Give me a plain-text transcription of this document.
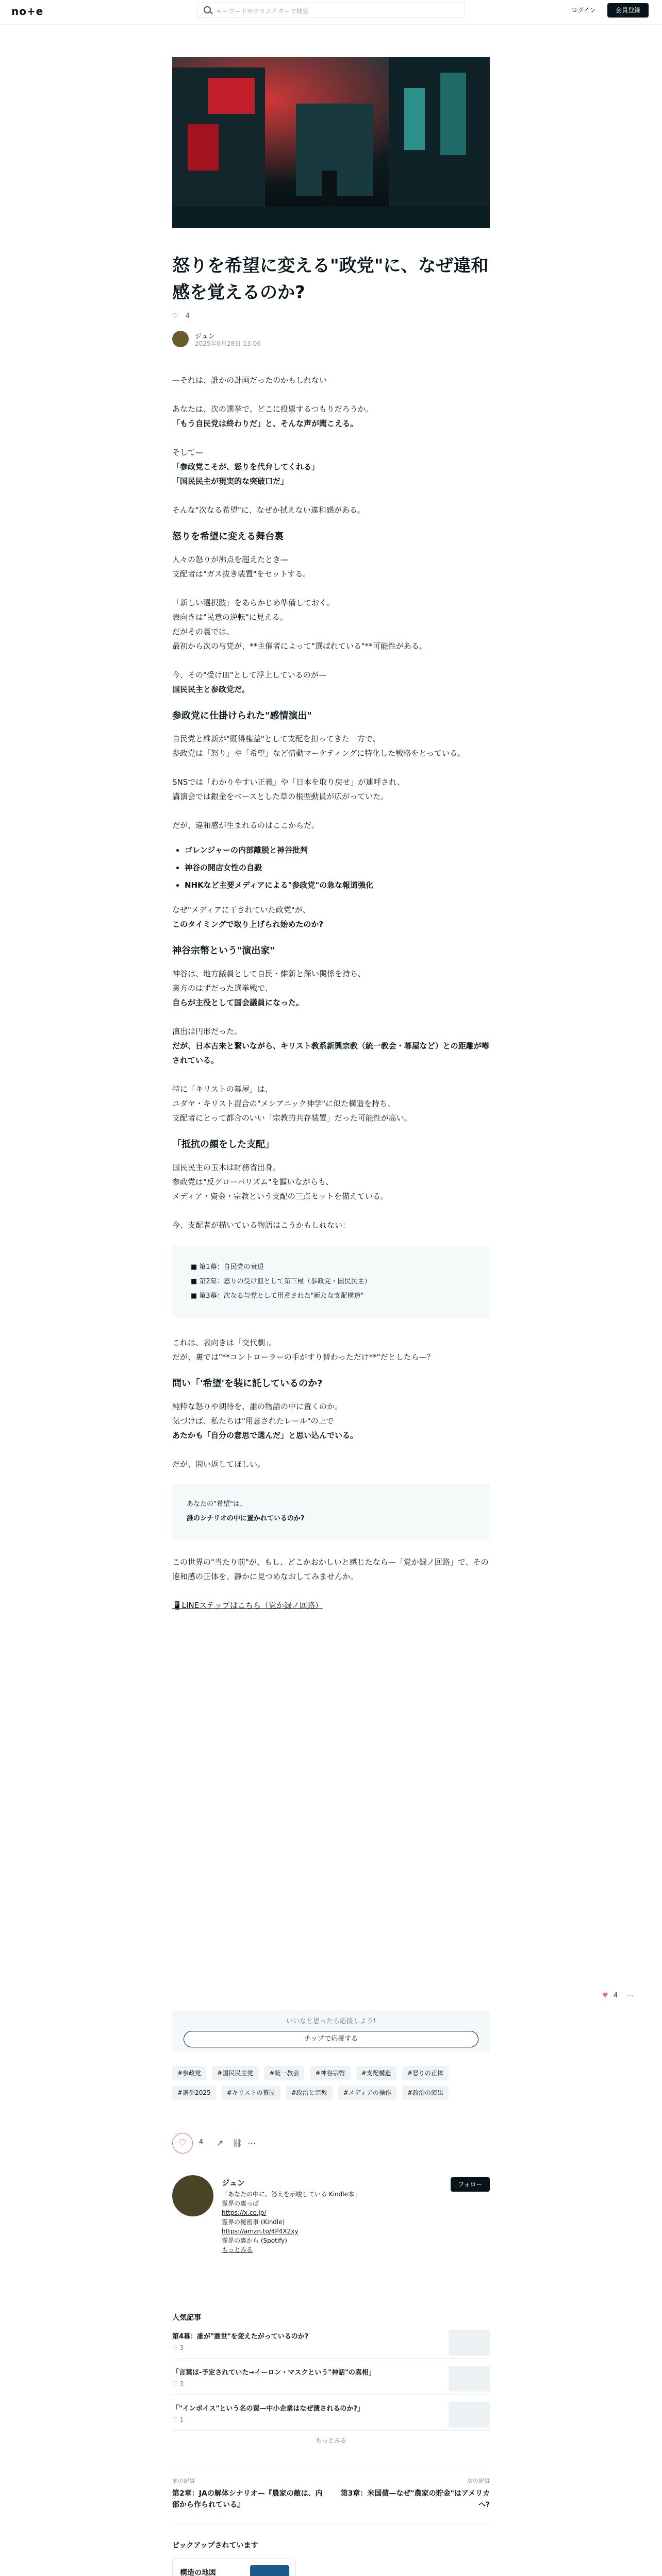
no+e	キーワードやクリエイターで検索	ログイン	会員登録
怒りを希望に変える"政党"に、なぜ違和感を覚えるのか?
♡ 4
ジュン
2025年6月28日 13:06

—それは、誰かの計画だったのかもしれない

あなたは、次の選挙で、どこに投票するつもりだろうか。

「もう自民党は終わりだ」と、そんな声が聞こえる。

そして—

「参政党こそが、怒りを代弁してくれる」

「国民民主が現実的な突破口だ」

そんな"次なる希望"に、なぜか拭えない違和感がある。

怒りを希望に変える舞台裏

人々の怒りが沸点を超えたとき—

支配者は"ガス抜き装置"をセットする。

「新しい選択肢」をあらかじめ準備しておく。

表向きは"民意の逆転"に見える。

だがその裏では、

最初から次の与党が、**主催者によって"選ばれている"**可能性がある。

今、その"受け皿"として浮上しているのが—

国民民主と参政党だ。

参政党に仕掛けられた"感情演出"

自民党と維新が"既得権益"として支配を担ってきた一方で、

参政党は「怒り」や「希望」など情動マーケティングに特化した戦略をとっている。

SNSでは「わかりやすい正義」や「日本を取り戻せ」が連呼され、

講演会では銀金をベースとした草の根型動員が広がっていた。

だが、違和感が生まれるのはここからだ。

• ゴレンジャーの内部離脱と神谷批判
• 神谷の開店女性の自殺
• NHKなど主要メディアによる"参政党"の急な報道強化

なぜ"メディアに干されていた政党"が、

このタイミングで取り上げられ始めたのか?

神谷宗幣という"演出家"

神谷は、地方議員として自民・維新と深い関係を持ち、

裏方のはずだった選挙戦で、

自らが主役として国会議員になった。

演出は円形だった。

だが、日本古来と繋いながら、キリスト教系新興宗教（統一教会・幕屋など）との距離が噂されている。

特に「キリストの幕屋」は、

ユダヤ・キリスト混合の"メシアニック神学"に似た構造を持ち、

支配者にとって都合のいい「宗教的共存装置」だった可能性が高い。

「抵抗の顔をした支配」

国民民主の玉木は財務省出身。

参政党は"反グローバリズム"を謳いながらも、

メディア・資金・宗教という支配の三点セットを備えている。

今、支配者が描いている物語はこうかもしれない：

■ 第1幕：自民党の衰退
■ 第2幕：怒りの受け皿として第三極（参政党・国民民主）
■ 第3幕：次なる与党として用意された"新たな支配構造"

これは、表向きは「交代劇」。

だが、裏では"**コントローラーの手がすり替わっただけ**"だとしたら—？

問い「'希望'を装に託しているのか?

純粋な怒りや期待を、誰の物語の中に置くのか。

気づけば、私たちは"用意されたレール"の上で

あたかも「自分の意思で選んだ」と思い込んでいる。

だが、問い返してほしい。

あなたの"希望"は、
誰のシナリオの中に置かれているのか?

この世界の"当たり前"が、もし、どこかおかしいと感じたなら—「覚か録ノ回路」で、その違和感の正体を、静かに見つめなおしてみませんか。

📱LINEステップはこちら（覚か録ノ回路）

♥ 4 ⋯
いいなと思ったら応援しよう!
チップで応援する
#参政党	#国民民主党	#統一教会	#神谷宗幣	#支配構造	#怒りの正体 #選挙2025	#キリストの幕屋	#政治と宗教	#メディアの操作	#政治の演出
♡	4 ↗ ⛓ ⋯
ジュン
「あなたの中に、答えを示唆している Kindle本」
霊界の裏っぱ
https://x.co.jp/
霊界の秘密事 (Kindle)
https://amzn.to/4P4X2xy
霊界の裏から (Spotify)
もっとみる
フォロー
人気記事
第4幕：誰が"霊世"を変えたがっているのか?
♡ 3
「言葉は-予定されていた→イーロン・マスクという"神話"の真相」
♡ 3
「"インボイス"という名の罠—中小企業はなぜ潰されるのか?」
♡ 1
もっとみる
前の記事
第2章：JAの解体シナリオ—『農家の敵は、内部から作られている』
次の記事
第3章：米国債—なぜ"農家の貯金"はアメリカへ?
ピックアップされています
構造の地図
